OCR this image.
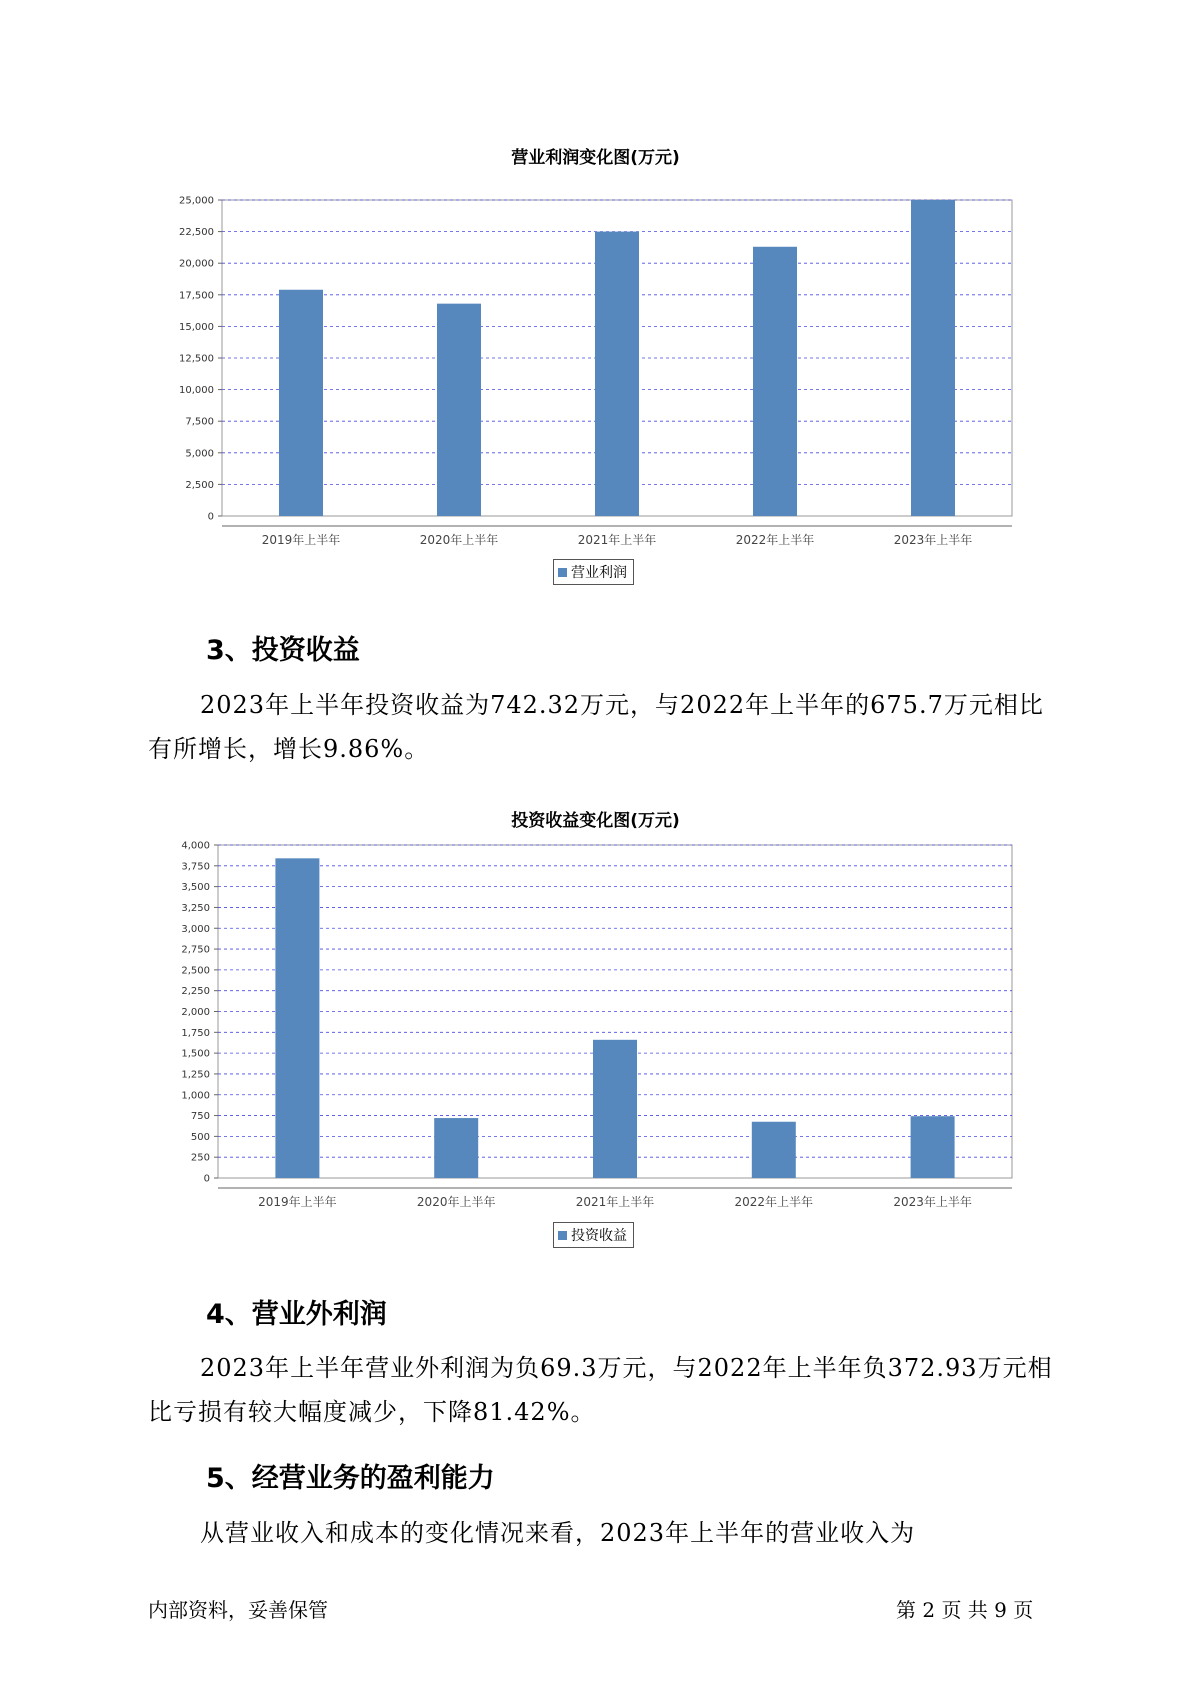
营业利润变化图(万元)
0
2,500
5,000
7,500
10,000
12,500
15,000
17,500
20,000
22,500
25,000
2019年上半年	2020年上半年	2021年上半年	2022年上半年	2023年上半年
营业利润
3、投资收益

2023年上半年投资收益为742.32万元，与2022年上半年的675.7万元相比有所增长，增长9.86%。

投资收益变化图(万元)
0
250
500
750
1,000
1,250
1,500
1,750
2,000
2,250
2,500
2,750
3,000
3,250
3,500
3,750
4,000
2019年上半年	2020年上半年	2021年上半年	2022年上半年	2023年上半年
投资收益
4、营业外利润

2023年上半年营业外利润为负69.3万元，与2022年上半年负372.93万元相比亏损有较大幅度减少，下降81.42%。

5、经营业务的盈利能力

从营业收入和成本的变化情况来看，2023年上半年的营业收入为

内部资料，妥善保管	第 2 页 共 9 页
